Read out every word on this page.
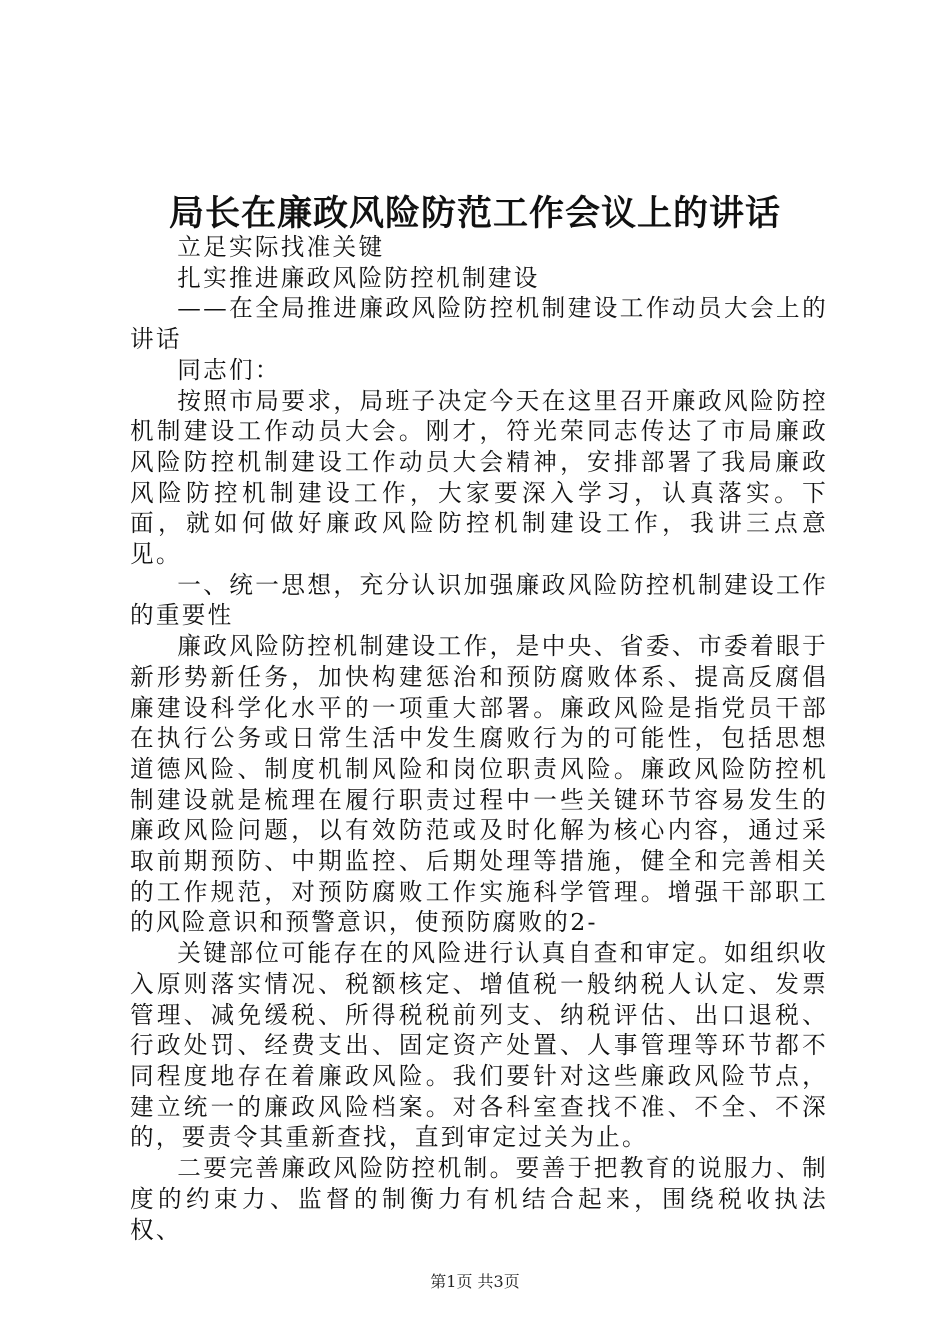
局长在廉政风险防范工作会议上的讲话

立足实际找准关键

扎实推进廉政风险防控机制建设

——在全局推进廉政风险防控机制建设工作动员大会上的讲话

同志们：

按照市局要求，局班子决定今天在这里召开廉政风险防控机制建设工作动员大会。刚才，符光荣同志传达了市局廉政风险防控机制建设工作动员大会精神，安排部署了我局廉政风险防控机制建设工作，大家要深入学习，认真落实。下面，就如何做好廉政风险防控机制建设工作，我讲三点意见。

一、统一思想，充分认识加强廉政风险防控机制建设工作的重要性

廉政风险防控机制建设工作，是中央、省委、市委着眼于新形势新任务，加快构建惩治和预防腐败体系、提高反腐倡廉建设科学化水平的一项重大部署。廉政风险是指党员干部在执行公务或日常生活中发生腐败行为的可能性，包括思想道德风险、制度机制风险和岗位职责风险。廉政风险防控机制建设就是梳理在履行职责过程中一些关键环节容易发生的廉政风险问题，以有效防范或及时化解为核心内容，通过采取前期预防、中期监控、后期处理等措施，健全和完善相关的工作规范，对预防腐败工作实施科学管理。增强干部职工的风险意识和预警意识，使预防腐败的2-

关键部位可能存在的风险进行认真自查和审定。如组织收入原则落实情况、税额核定、增值税一般纳税人认定、发票管理、减免缓税、所得税税前列支、纳税评估、出口退税、行政处罚、经费支出、固定资产处置、人事管理等环节都不同程度地存在着廉政风险。我们要针对这些廉政风险节点，建立统一的廉政风险档案。对各科室查找不准、不全、不深的，要责令其重新查找，直到审定过关为止。

二要完善廉政风险防控机制。要善于把教育的说服力、制度的约束力、监督的制衡力有机结合起来，围绕税收执法权、

第1页 共3页
